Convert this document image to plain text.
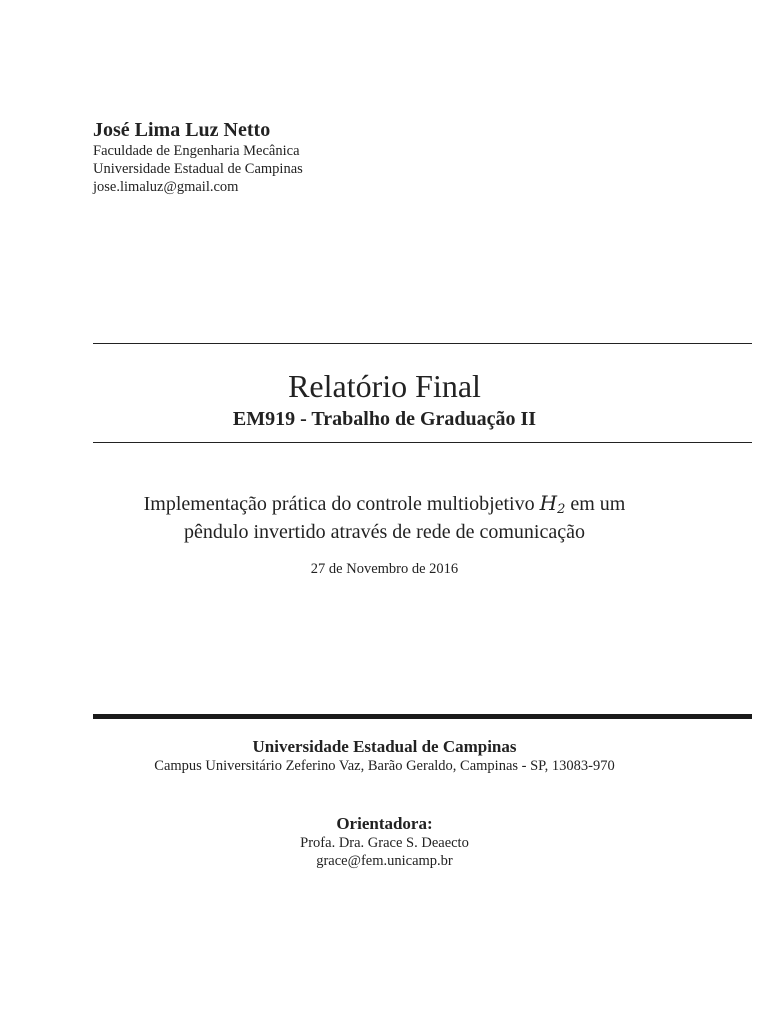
José Lima Luz Netto
Faculdade de Engenharia Mecânica
Universidade Estadual de Campinas
jose.limaluz@gmail.com
Relatório Final
EM919 - Trabalho de Graduação II
Implementação prática do controle multiobjetivo $H_2$ em um
pêndulo invertido através de rede de comunicação
27 de Novembro de 2016
Universidade Estadual de Campinas
Campus Universitário Zeferino Vaz, Barão Geraldo, Campinas - SP, 13083-970
Orientadora:
Profa. Dra. Grace S. Deaecto
grace@fem.unicamp.br
